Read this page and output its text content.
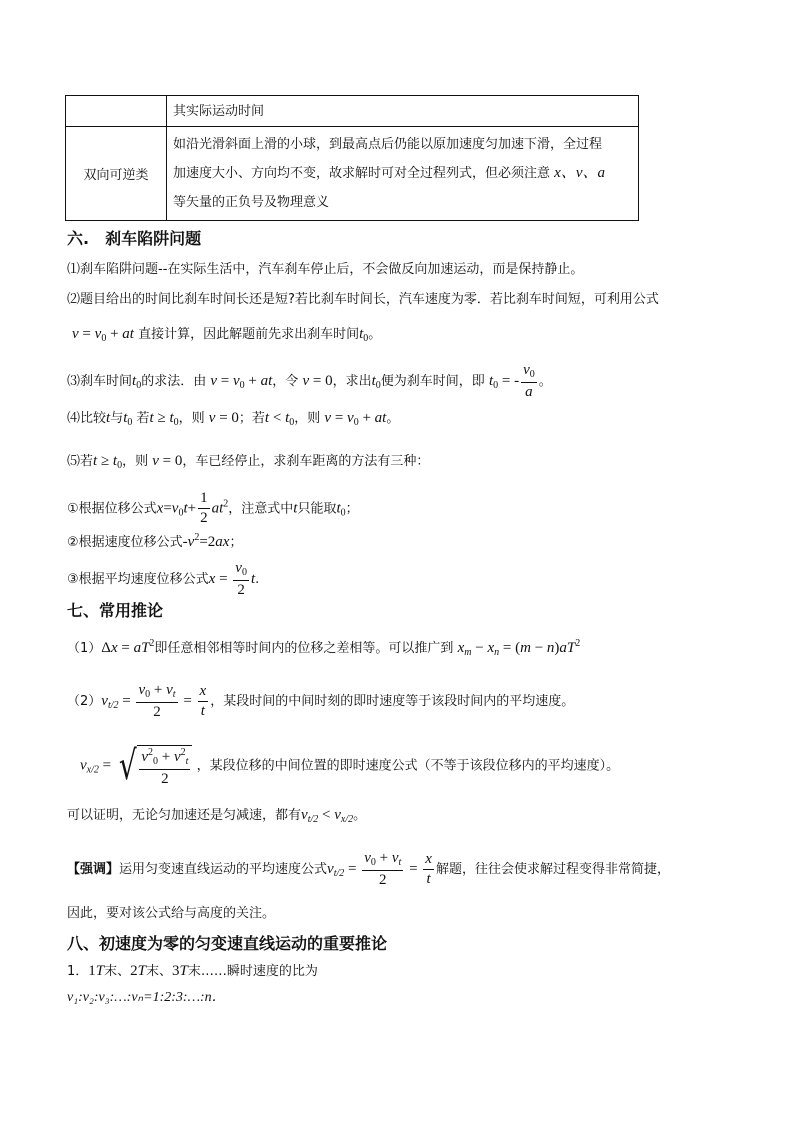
	其实际运动时间
双向可逆类	如沿光滑斜面上滑的小球，到最高点后仍能以原加速度匀加速下滑，全过程
加速度大小、方向均不变，故求解时可对全过程列式，但必须注意 x、v、a
等矢量的正负号及物理意义
六.　刹车陷阱问题
⑴刹车陷阱问题--在实际生活中，汽车刹车停止后，不会做反向加速运动，而是保持静止。
⑵题目给出的时间比刹车时间长还是短?若比刹车时间长，汽车速度为零．若比刹车时间短，可利用公式
$v = v_0$ + at 直接计算，因此解题前先求出刹车时间$t_0$。
⑶刹车时间$t_0$的求法．由 $v = v_0$ + at，令 v = 0，求出$t_0$便为刹车时间，即 $t_0$ = - $\frac{v_0}{a}$ 。
⑷比较t与$t_0$ 若$t \ge t_0$，则 v = 0；若$t < t_0$，则 $v = v_0$ + at。
⑸若$t \ge t_0$，则 v = 0，车已经停止，求刹车距离的方法有三种：
①根据位移公式$x=v_0t+ \frac{1}{2} at^2$，注意式中t只能取$t_0$；
②根据速度位移公式$-v^2=2ax$；
③根据平均速度位移公式$x = \frac{v_0}{2} t$.
七、常用推论
$(1)\Delta x = aT^2$即任意相邻相等时间内的位移之差相等。可以推广到 $x_m - x_n = (m - n)aT^2$
$(2)v_{t/2} = \frac{v_0 + v_t}{2} = \frac{x}{t}$ ，某段时间的中间时刻的即时速度等于该段时间内的平均速度。
$v_{x/2}$ = √ $\frac{v^2_0 + v^2_t}{2}$ ，某段位移的中间位置的即时速度公式（不等于该段位移内的平均速度）。
可以证明，无论匀加速还是匀减速，都有$v_{t/2} < v_{x/2}$。
【强调】运用匀变速直线运动的平均速度公式$v_{t/2} = \frac{v_0 + v_t}{2} = \frac{x}{t}$ 解题，往往会使求解过程变得非常简捷，
因此，要对该公式给与高度的关注。
八、初速度为零的匀变速直线运动的重要推论
1．1T末、2T末、3T末……瞬时速度的比为
v₁:v₂:v₃:…:vₙ=1:2:3:…:n．
